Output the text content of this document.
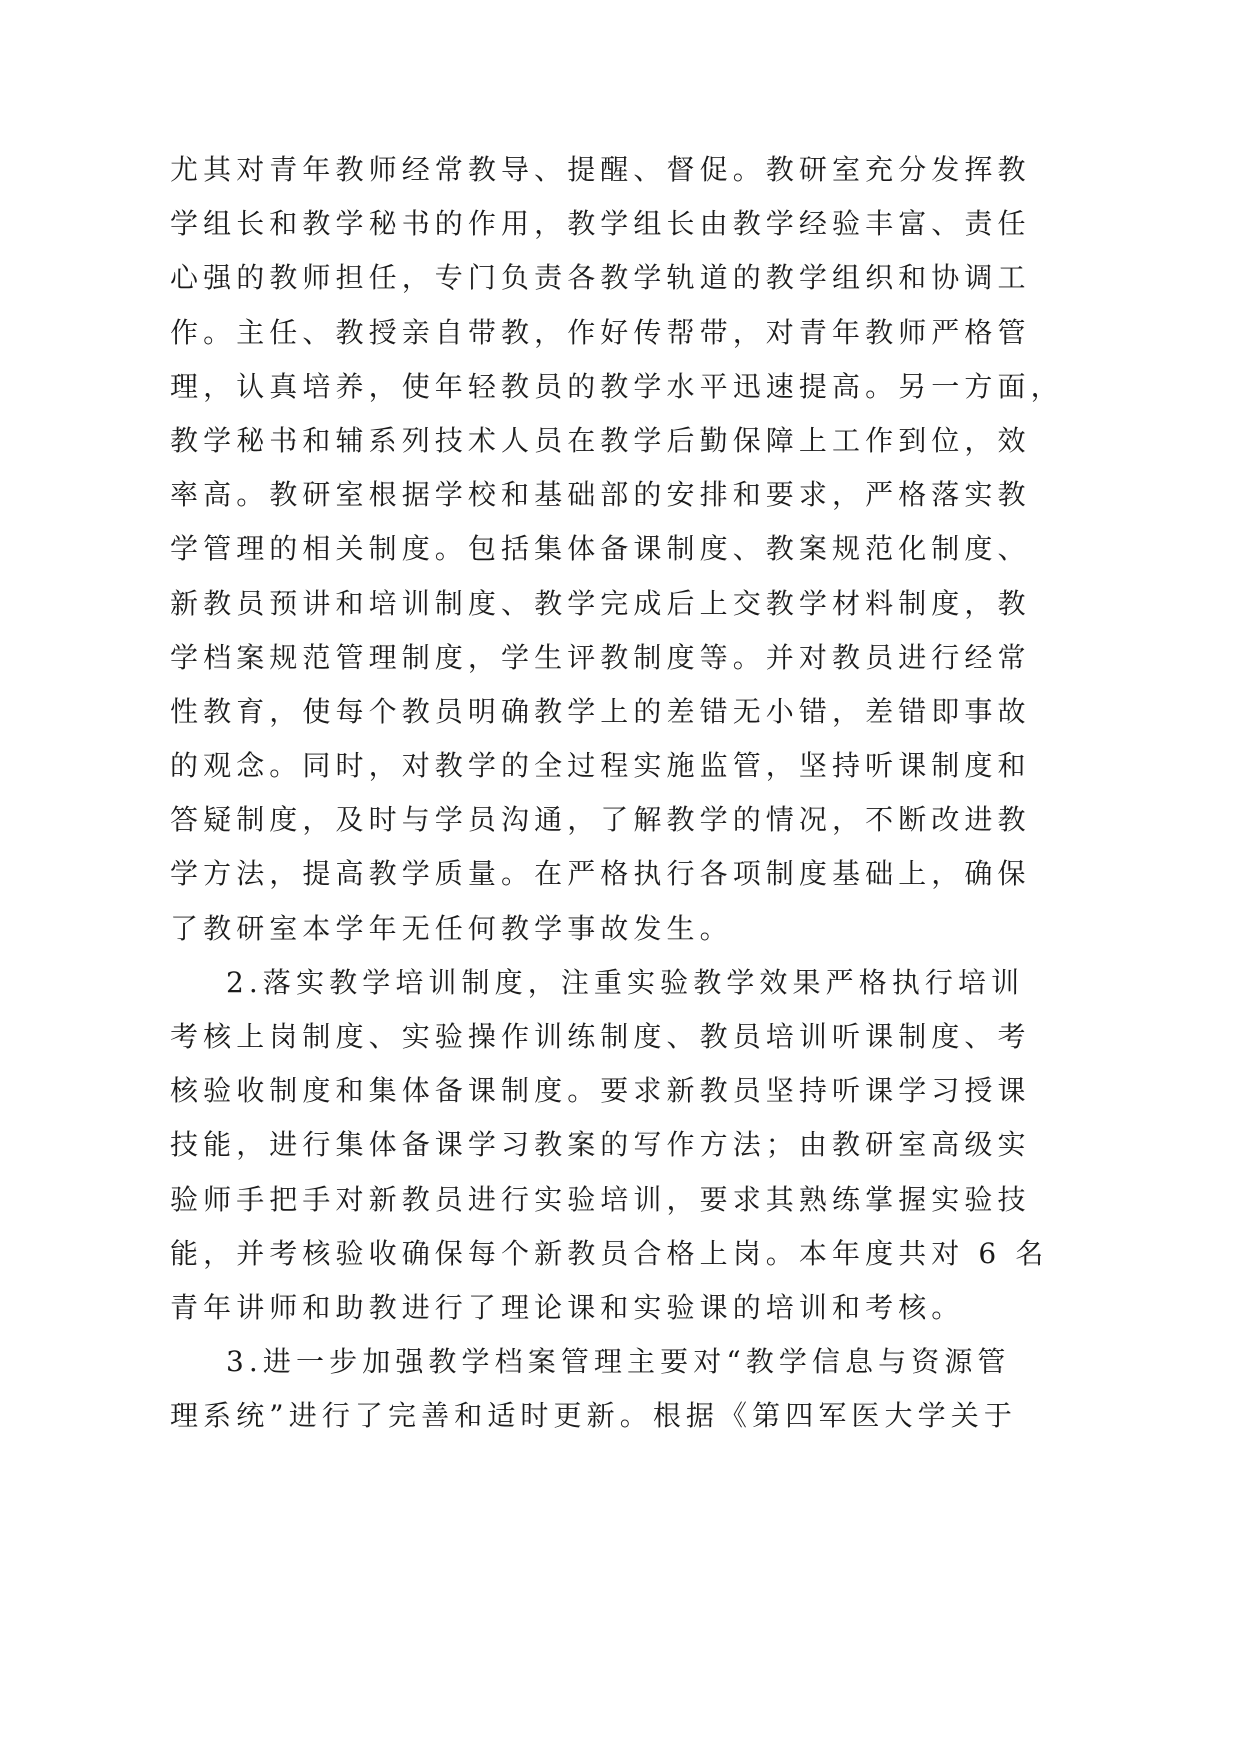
尤其对青年教师经常教导、提醒、督促。教研室充分发挥教
学组长和教学秘书的作用，教学组长由教学经验丰富、责任
心强的教师担任，专门负责各教学轨道的教学组织和协调工
作。主任、教授亲自带教，作好传帮带，对青年教师严格管
理，认真培养，使年轻教员的教学水平迅速提高。另一方面，
教学秘书和辅系列技术人员在教学后勤保障上工作到位，效
率高。教研室根据学校和基础部的安排和要求，严格落实教
学管理的相关制度。包括集体备课制度、教案规范化制度、
新教员预讲和培训制度、教学完成后上交教学材料制度，教
学档案规范管理制度，学生评教制度等。并对教员进行经常
性教育，使每个教员明确教学上的差错无小错，差错即事故
的观念。同时，对教学的全过程实施监管，坚持听课制度和
答疑制度，及时与学员沟通，了解教学的情况，不断改进教
学方法，提高教学质量。在严格执行各项制度基础上，确保
了教研室本学年无任何教学事故发生。
2.落实教学培训制度，注重实验教学效果严格执行培训
考核上岗制度、实验操作训练制度、教员培训听课制度、考
核验收制度和集体备课制度。要求新教员坚持听课学习授课
技能，进行集体备课学习教案的写作方法；由教研室高级实
验师手把手对新教员进行实验培训，要求其熟练掌握实验技
能，并考核验收确保每个新教员合格上岗。本年度共对 6 名
青年讲师和助教进行了理论课和实验课的培训和考核。
3.进一步加强教学档案管理主要对“教学信息与资源管
理系统”进行了完善和适时更新。根据《第四军医大学关于
